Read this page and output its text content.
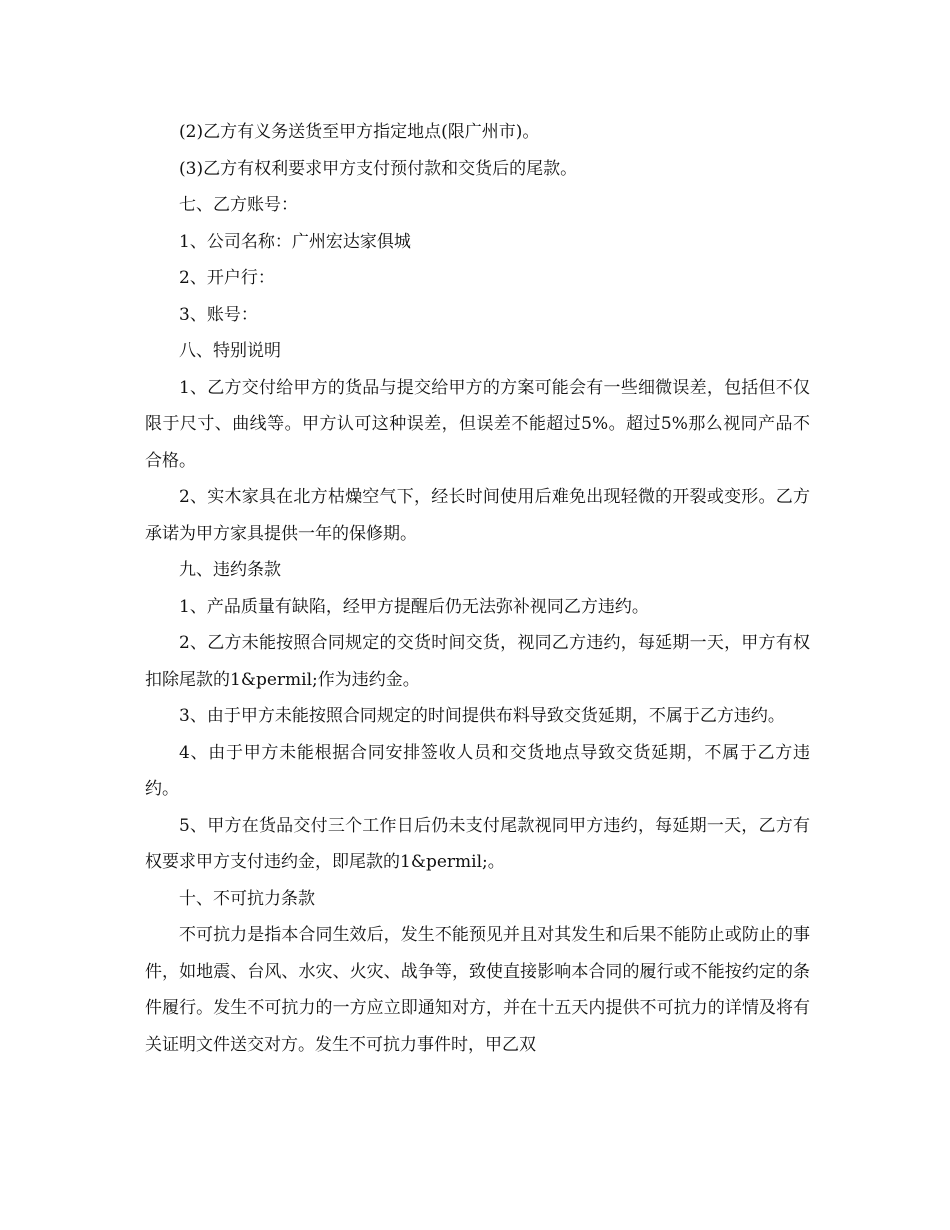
(2)乙方有义务送货至甲方指定地点(限广州市)。

(3)乙方有权利要求甲方支付预付款和交货后的尾款。

七、乙方账号：

1、公司名称：广州宏达家俱城

2、开户行：

3、账号：

八、特别说明

1、乙方交付给甲方的货品与提交给甲方的方案可能会有一些细微误差，包括但不仅限于尺寸、曲线等。甲方认可这种误差，但误差不能超过5%。超过5%那么视同产品不合格。

2、实木家具在北方枯燥空气下，经长时间使用后难免出现轻微的开裂或变形。乙方承诺为甲方家具提供一年的保修期。

九、违约条款

1、产品质量有缺陷，经甲方提醒后仍无法弥补视同乙方违约。

2、乙方未能按照合同规定的交货时间交货，视同乙方违约，每延期一天，甲方有权扣除尾款的1&permil;作为违约金。

3、由于甲方未能按照合同规定的时间提供布料导致交货延期，不属于乙方违约。

4、由于甲方未能根据合同安排签收人员和交货地点导致交货延期，不属于乙方违约。

5、甲方在货品交付三个工作日后仍未支付尾款视同甲方违约，每延期一天，乙方有权要求甲方支付违约金，即尾款的1&permil;。

十、不可抗力条款

不可抗力是指本合同生效后，发生不能预见并且对其发生和后果不能防止或防止的事件，如地震、台风、水灾、火灾、战争等，致使直接影响本合同的履行或不能按约定的条件履行。发生不可抗力的一方应立即通知对方，并在十五天内提供不可抗力的详情及将有关证明文件送交对方。发生不可抗力事件时，甲乙双
